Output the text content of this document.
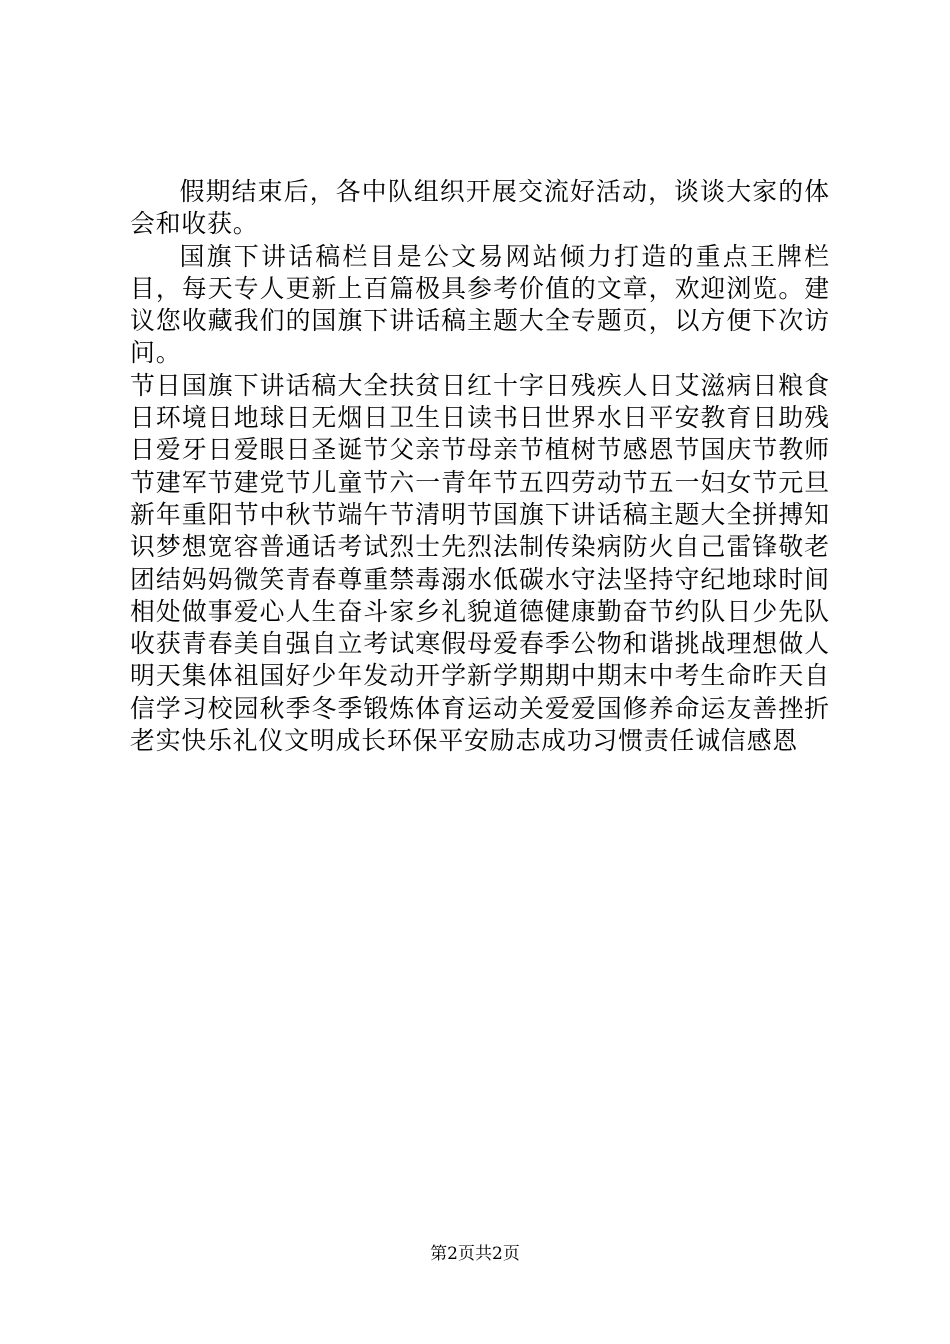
假期结束后，各中队组织开展交流好活动，谈谈大家的体会和收获。

国旗下讲话稿栏目是公文易网站倾力打造的重点王牌栏目，每天专人更新上百篇极具参考价值的文章，欢迎浏览。建议您收藏我们的国旗下讲话稿主题大全专题页，以方便下次访问。

节日国旗下讲话稿大全扶贫日红十字日残疾人日艾滋病日粮食日环境日地球日无烟日卫生日读书日世界水日平安教育日助残日爱牙日爱眼日圣诞节父亲节母亲节植树节感恩节国庆节教师节建军节建党节儿童节六一青年节五四劳动节五一妇女节元旦新年重阳节中秋节端午节清明节国旗下讲话稿主题大全拼搏知识梦想宽容普通话考试烈士先烈法制传染病防火自己雷锋敬老团结妈妈微笑青春尊重禁毒溺水低碳水守法坚持守纪地球时间相处做事爱心人生奋斗家乡礼貌道德健康勤奋节约队日少先队收获青春美自强自立考试寒假母爱春季公物和谐挑战理想做人明天集体祖国好少年发动开学新学期期中期末中考生命昨天自信学习校园秋季冬季锻炼体育运动关爱爱国修养命运友善挫折老实快乐礼仪文明成长环保平安励志成功习惯责任诚信感恩

第2页共2页
